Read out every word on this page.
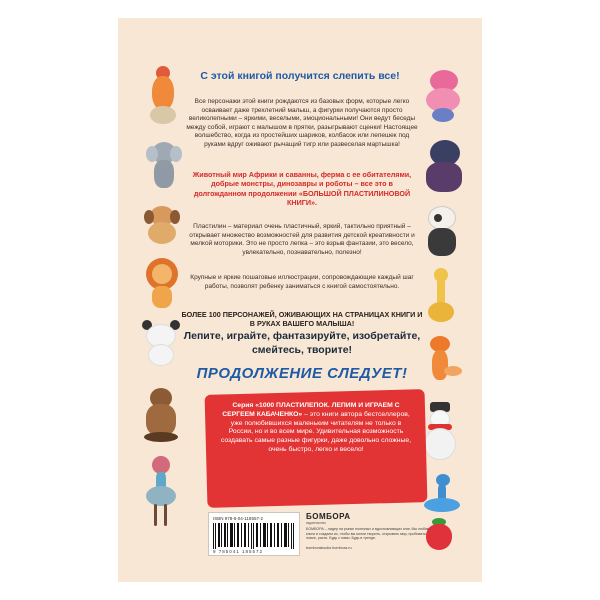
С этой книгой получится слепить все!
Все персонажи этой книги рождаются из базовых форм, которые легко осваивает даже трехлетний малыш, а фигурки получаются просто великолепными – яркими, веселыми, эмоциональными! Они ведут беседы между собой, играют с малышом в прятки, разыгрывают сценки! Настоящее волшебство, когда из простейших шариков, колбасок или лепешек под руками вдруг оживают рычащий тигр или развеселая мартышка!
Животный мир Африки и саванны, ферма с ее обитателями, добрые монстры, динозавры и роботы – все это в долгожданном продолжении «БОЛЬШОЙ ПЛАСТИЛИНОВОЙ КНИГИ».
Пластилин – материал очень пластичный, яркий, тактильно приятный – открывает множество возможностей для развития детской креативности и мелкой моторики. Это не просто лепка – это взрыв фантазии, это весело, увлекательно, познавательно, полезно!
Крупные и яркие пошаговые иллюстрации, сопровождающие каждый шаг работы, позволят ребенку заниматься с книгой самостоятельно.
БОЛЕЕ 100 ПЕРСОНАЖЕЙ, ОЖИВАЮЩИХ НА СТРАНИЦАХ КНИГИ И В РУКАХ ВАШЕГО МАЛЫША!
Лепите, играйте, фантазируйте, изобретайте, смейтесь, творите!
ПРОДОЛЖЕНИЕ СЛЕДУЕТ!
Серия «1000 ПЛАСТИЛЕПОК. ЛЕПИМ И ИГРАЕМ С СЕРГЕЕМ КАБАЧЕНКО» – это книги автора бестселлеров, уже полюбившихся маленьким читателям не только в России, но и во всем мире. Удивительная возможность создавать самые разные фигурки, даже довольно сложные, очень быстро, легко и весело!
ISBN 978-5-04-118557-2
9 785041 185572
БОМБОРА
издательство
БОМБОРА – лидер на рынке полезных и вдохновляющих книг. Мы любим книги и создаем их, чтобы вы могли творить, открывать мир, пробовать новое, расти. Будь с нами. Будь в тренде.
bomborabooks bombora.ru
